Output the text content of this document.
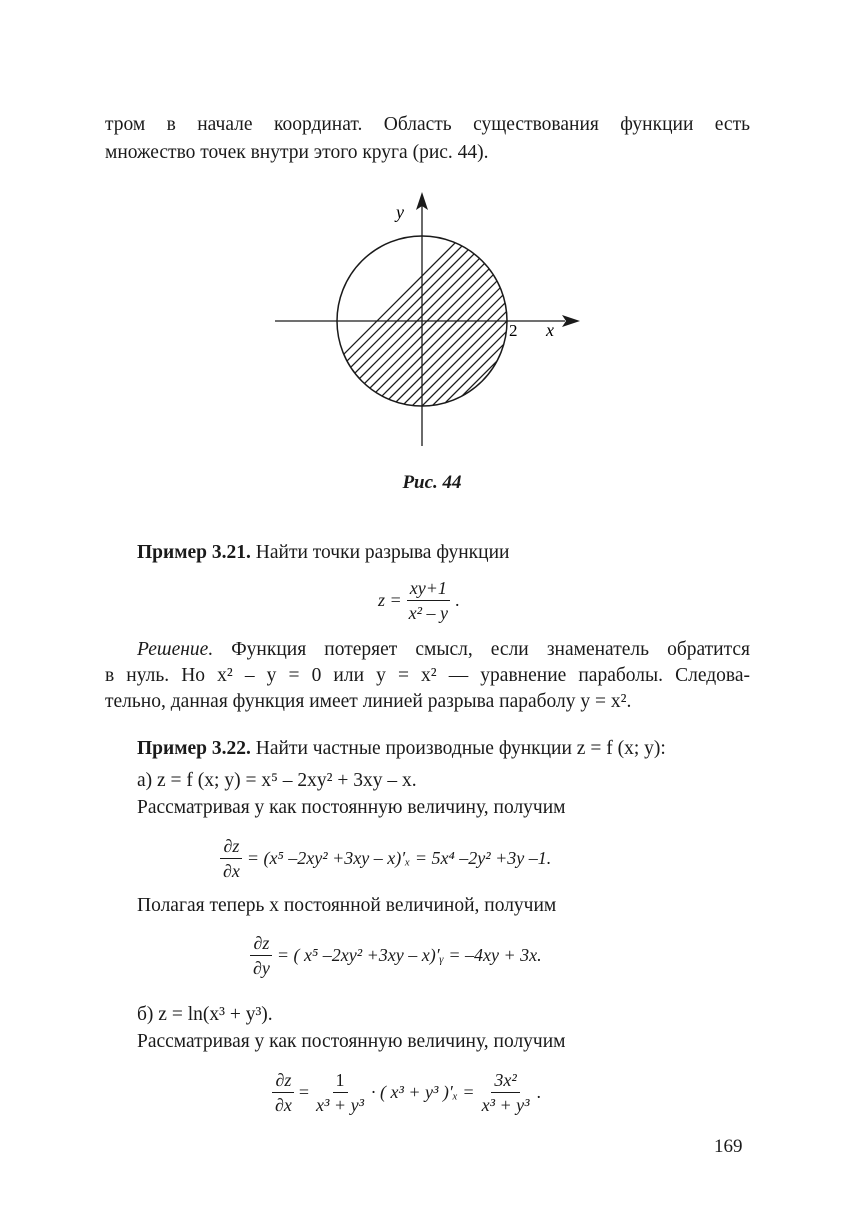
тром в начале координат. Область существования функции есть
множество точек внутри этого круга (рис. 44).
y
x
2
Рис. 44
Пример 3.21. Найти точки разрыва функции
$z = \frac{xy+1}{\text{x² – y}}$ .
Решение. Функция потеряет смысл, если знаменатель обратится
в нуль. Но x² – y = 0 или y = x² — уравнение параболы. Следова-
тельно, данная функция имеет линией разрыва параболу y = x².
Пример 3.22. Найти частные производные функции z = f (x; y):
а) z = f (x; y) = x⁵ – 2xy² + 3xy – x.
Рассматривая y как постоянную величину, получим
$\frac{\partial z}{\partial x} = (x^5$ –2xy² +3xy – x)′ₓ = 5x⁴ –2y² +3y –1.
Полагая теперь x постоянной величиной, получим
$\frac{\partial z}{\partial y}$ = ( x⁵ –2xy² +3xy – x)′ᵧ = –4xy + 3x.
б) z = ln(x³ + y³).
Рассматривая y как постоянную величину, получим
$\frac{\partial z}{\partial x} = \frac{1}{\text{x³ + y³}}$ · ( x³ + y³ )$'_x = \frac{\text{3x²}}{\text{x³ + y³}}$ .
169
